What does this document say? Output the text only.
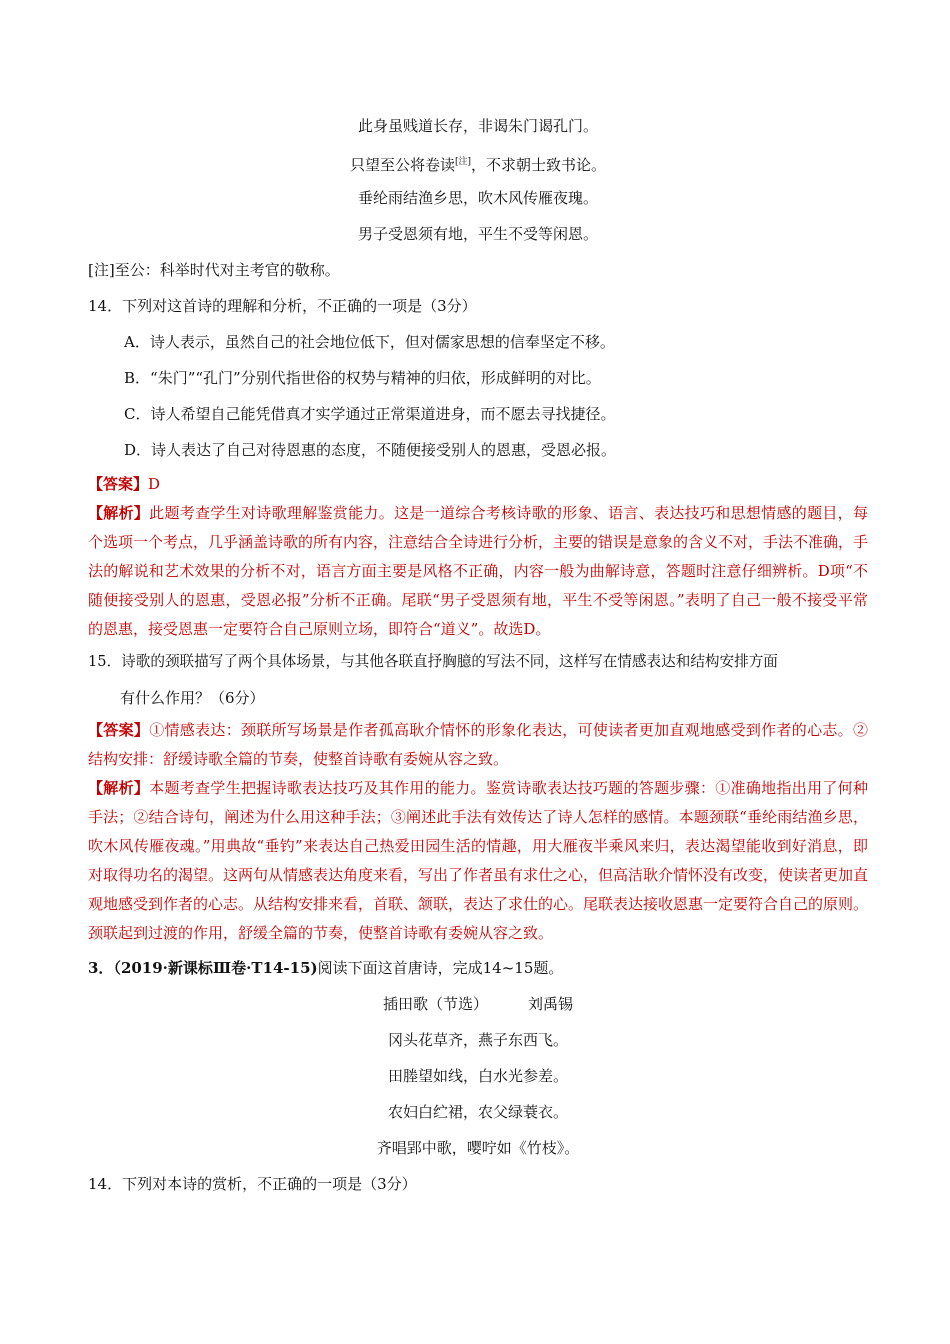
此身虽贱道长存，非谒朱门谒孔门。
只望至公将卷读[注]，不求朝士致书论。
垂纶雨结渔乡思，吹木风传雁夜瑰。
男子受恩须有地，平生不受等闲恩。
[注]至公：科举时代对主考官的敬称。
14．下列对这首诗的理解和分析，不正确的一项是（3分）
A．诗人表示，虽然自己的社会地位低下，但对儒家思想的信奉坚定不移。
B．“朱门”“孔门”分别代指世俗的权势与精神的归依，形成鲜明的对比。
C．诗人希望自己能凭借真才实学通过正常渠道进身，而不愿去寻找捷径。
D．诗人表达了自己对待恩惠的态度，不随便接受别人的恩惠，受恩必报。
【答案】D
【解析】此题考查学生对诗歌理解鉴赏能力。这是一道综合考核诗歌的形象、语言、表达技巧和思想情感的题目，每个选项一个考点，几乎涵盖诗歌的所有内容，注意结合全诗进行分析，主要的错误是意象的含义不对，手法不准确，手法的解说和艺术效果的分析不对，语言方面主要是风格不正确，内容一般为曲解诗意，答题时注意仔细辨析。D项“不随便接受别人的恩惠，受恩必报”分析不正确。尾联“男子受恩须有地，平生不受等闲恩。”表明了自己一般不接受平常的恩惠，接受恩惠一定要符合自己原则立场，即符合“道义”。故选D。
15．诗歌的颈联描写了两个具体场景，与其他各联直抒胸臆的写法不同，这样写在情感表达和结构安排方面
有什么作用？（6分）
【答案】①情感表达：颈联所写场景是作者孤高耿介情怀的形象化表达，可使读者更加直观地感受到作者的心志。②结构安排：舒缓诗歌全篇的节奏，使整首诗歌有委婉从容之致。
【解析】本题考查学生把握诗歌表达技巧及其作用的能力。鉴赏诗歌表达技巧题的答题步骤：①准确地指出用了何种手法；②结合诗句，阐述为什么用这种手法；③阐述此手法有效传达了诗人怎样的感情。本题颈联“垂纶雨结渔乡思，吹木风传雁夜魂。”用典故“垂钓”来表达自己热爱田园生活的情趣，用大雁夜半乘风来归，表达渴望能收到好消息，即对取得功名的渴望。这两句从情感表达角度来看，写出了作者虽有求仕之心，但高洁耿介情怀没有改变，使读者更加直观地感受到作者的心志。从结构安排来看，首联、颔联，表达了求仕的心。尾联表达接收恩惠一定要符合自己的原则。颈联起到过渡的作用，舒缓全篇的节奏，使整首诗歌有委婉从容之致。
3．（2019·新课标Ⅲ卷·T14-15)阅读下面这首唐诗，完成14~15题。
插田歌（节选）	刘禹锡
冈头花草齐，燕子东西飞。
田塍望如线，白水光参差。
农妇白纻裙，农父绿蓑衣。
齐唱郢中歌，嘤咛如《竹枝》。
14．下列对本诗的赏析，不正确的一项是（3分）
